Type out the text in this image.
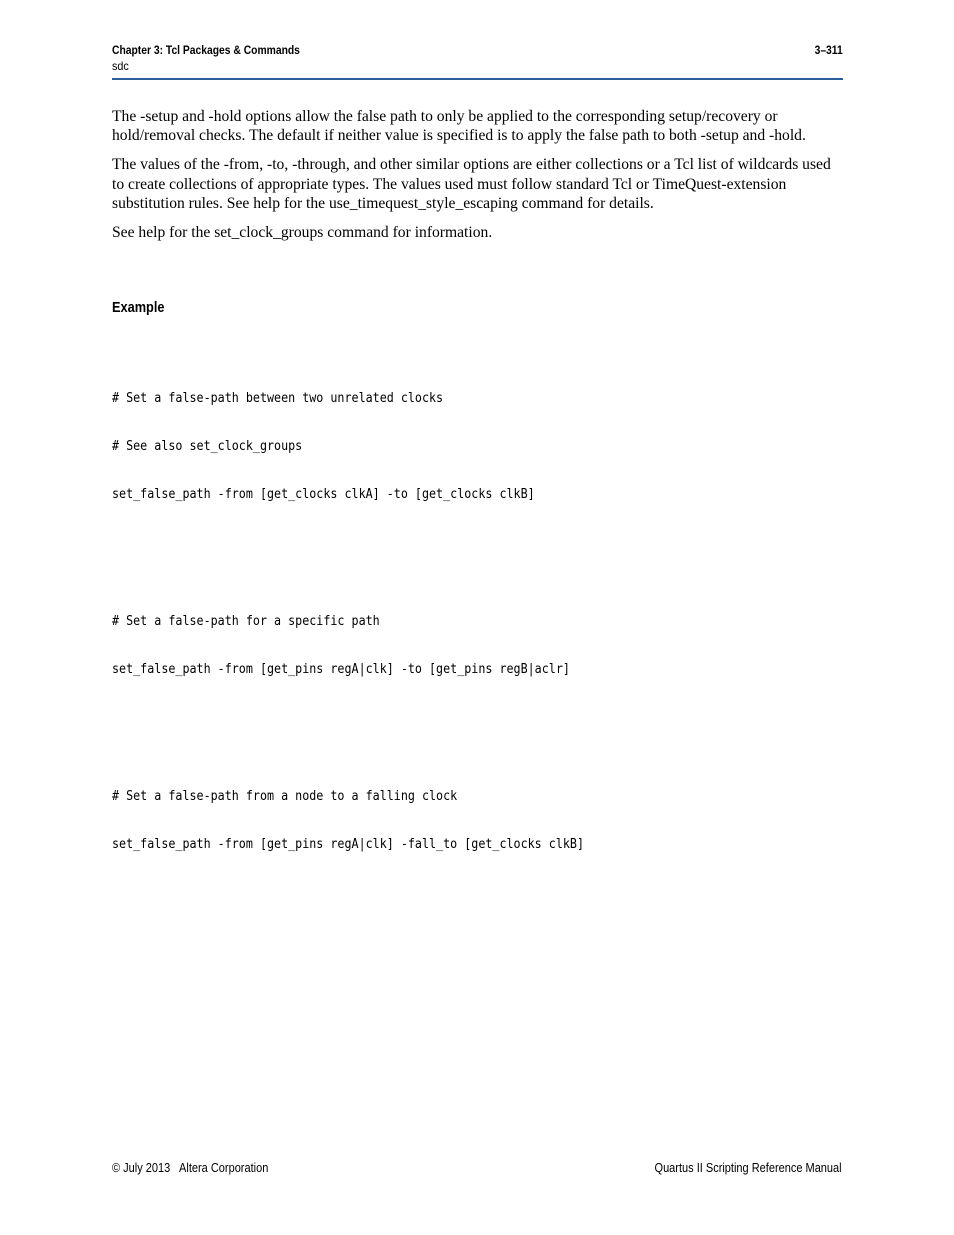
Chapter 3: Tcl Packages & Commands
sdc
3–311

The -setup and -hold options allow the false path to only be applied to the corresponding setup/recovery or hold/removal checks. The default if neither value is specified is to apply the false path to both -setup and -hold.

The values of the -from, -to, -through, and other similar options are either collections or a Tcl list of wildcards used to create collections of appropriate types. The values used must follow standard Tcl or TimeQuest-extension substitution rules. See help for the use_timequest_style_escaping command for details.

See help for the set_clock_groups command for information.

Example

# Set a false-path between two unrelated clocks

# See also set_clock_groups

set_false_path -from [get_clocks clkA] -to [get_clocks clkB]

# Set a false-path for a specific path

set_false_path -from [get_pins regA|clk] -to [get_pins regB|aclr]

# Set a false-path from a node to a falling clock

set_false_path -from [get_pins regA|clk] -fall_to [get_clocks clkB]

© July 2013 Altera Corporation	Quartus II Scripting Reference Manual
